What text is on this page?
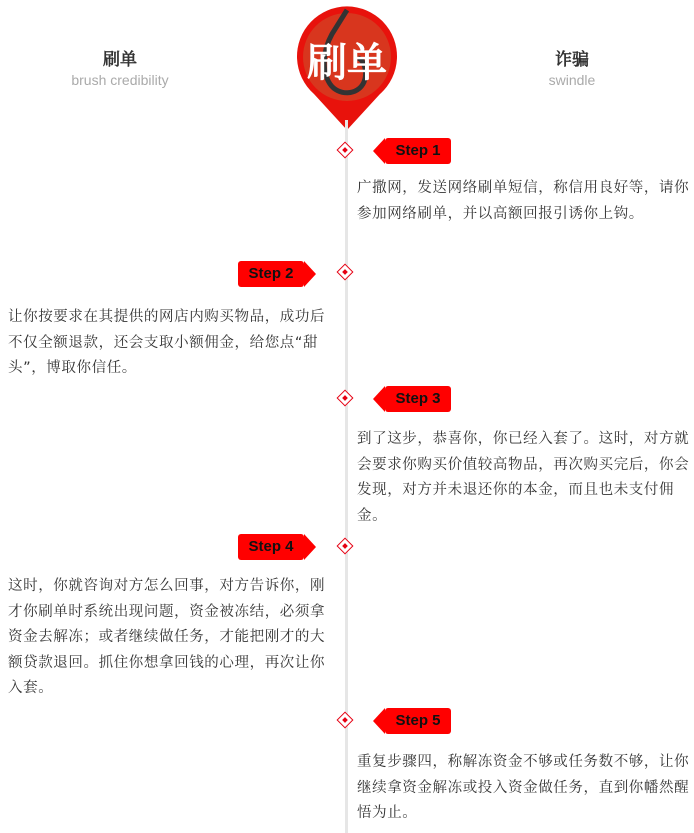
刷单
brush credibility
诈骗
swindle
刷单
Step 1
广撒网，发送网络刷单短信，称信用良好等，请你参加网络刷单，并以高额回报引诱你上钩。
Step 2
让你按要求在其提供的网店内购买物品，成功后不仅全额退款，还会支取小额佣金，给您点“甜头”，博取你信任。
Step 3
到了这步，恭喜你，你已经入套了。这时，对方就会要求你购买价值较高物品，再次购买完后，你会发现，对方并未退还你的本金，而且也未支付佣金。
Step 4
这时，你就咨询对方怎么回事，对方告诉你，刚才你刷单时系统出现问题，资金被冻结，必须拿资金去解冻；或者继续做任务，才能把刚才的大额贷款退回。抓住你想拿回钱的心理，再次让你入套。
Step 5
重复步骤四，称解冻资金不够或任务数不够，让你继续拿资金解冻或投入资金做任务，直到你幡然醒悟为止。
